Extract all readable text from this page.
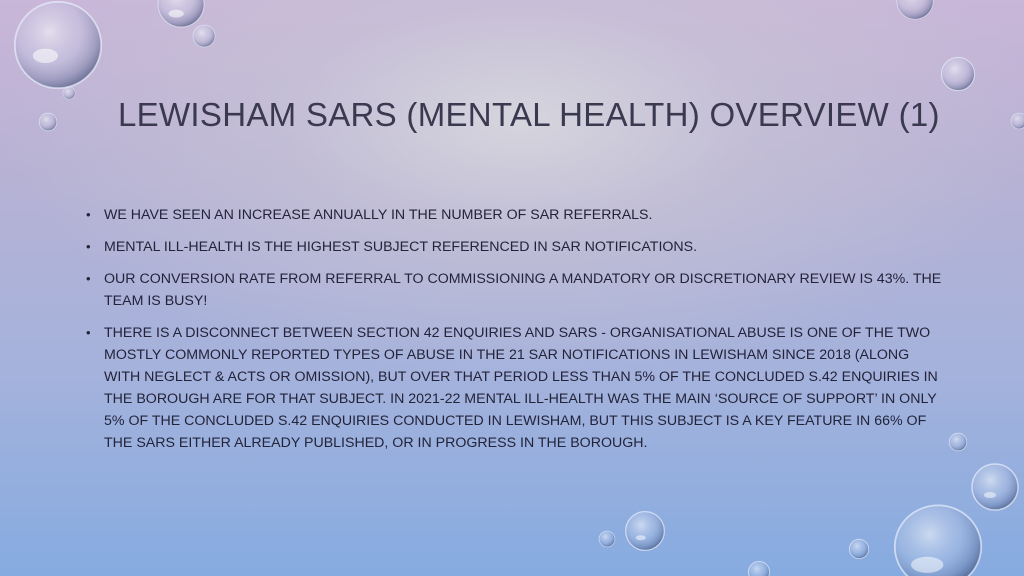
LEWISHAM SARS (MENTAL HEALTH) OVERVIEW (1)
• WE HAVE SEEN AN INCREASE ANNUALLY IN THE NUMBER OF SAR REFERRALS.
• MENTAL ILL-HEALTH IS THE HIGHEST SUBJECT REFERENCED IN SAR NOTIFICATIONS.
• OUR CONVERSION RATE FROM REFERRAL TO COMMISSIONING A MANDATORY OR DISCRETIONARY REVIEW IS 43%. THE TEAM IS BUSY!
• THERE IS A DISCONNECT BETWEEN SECTION 42 ENQUIRIES AND SARS - ORGANISATIONAL ABUSE IS ONE OF THE TWO MOSTLY COMMONLY REPORTED TYPES OF ABUSE IN THE 21 SAR NOTIFICATIONS IN LEWISHAM SINCE 2018 (ALONG WITH NEGLECT & ACTS OR OMISSION), BUT OVER THAT PERIOD LESS THAN 5% OF THE CONCLUDED S.42 ENQUIRIES IN THE BOROUGH ARE FOR THAT SUBJECT. IN 2021-22 MENTAL ILL-HEALTH WAS THE MAIN ‘SOURCE OF SUPPORT’ IN ONLY 5% OF THE CONCLUDED S.42 ENQUIRIES CONDUCTED IN LEWISHAM, BUT THIS SUBJECT IS A KEY FEATURE IN 66% OF THE SARS EITHER ALREADY PUBLISHED, OR IN PROGRESS IN THE BOROUGH.
